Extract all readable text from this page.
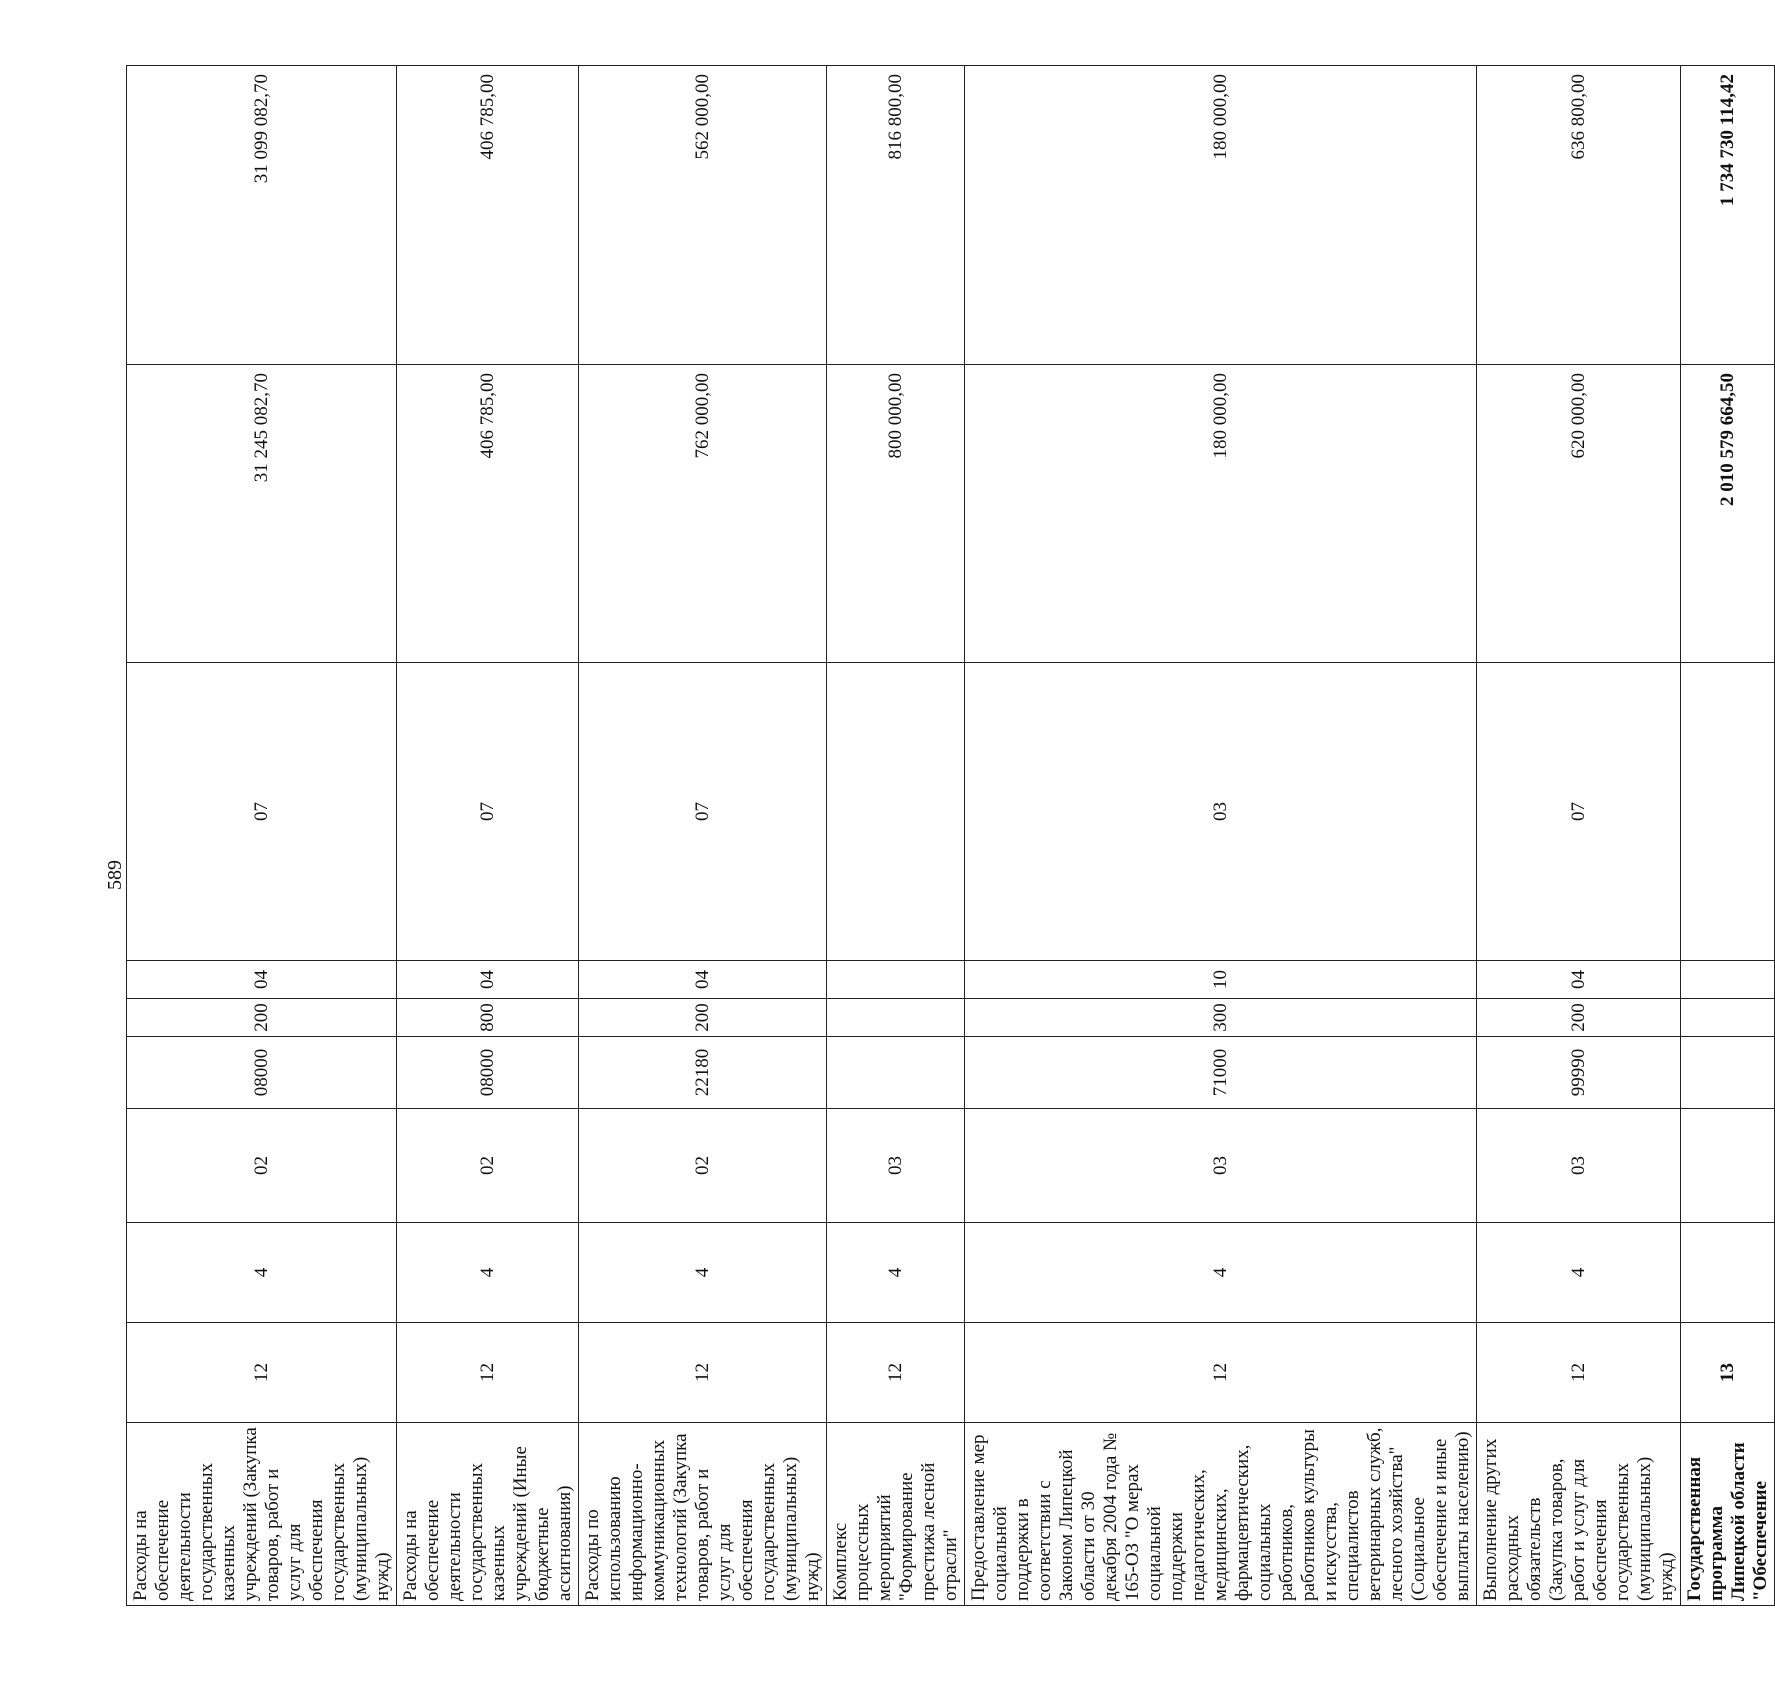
589
Расходы на обеспечение деятельности государственных казенных учреждений (Закупка товаров, работ и услуг для обеспечения государственных (муниципальных) нужд)	12	4	02	08000	200	04	07	31 245 082,70	31 099 082,70	
Расходы на обеспечение деятельности государственных казенных учреждений (Иные бюджетные ассигнования)	12	4	02	08000	800	04	07	406 785,00	406 785,00	
Расходы по использованию информационно-коммуникационных технологий (Закупка товаров, работ и услуг для обеспечения государственных (муниципальных) нужд)	12	4	02	22180	200	04	07	762 000,00	562 000,00	
Комплекс процессных мероприятий "Формирование престижа лесной отрасли"	12	4	03					800 000,00	816 800,00	
Предоставление мер социальной поддержки в соответствии с Законом Липецкой области от 30 декабря 2004 года № 165-ОЗ "О мерах социальной поддержки педагогических, медицинских, фармацевтических, социальных работников, работников культуры и искусства, специалистов ветеринарных служб, лесного хозяйства" (Социальное обеспечение и иные выплаты населению)	12	4	03	71000	300	10	03	180 000,00	180 000,00	
Выполнение других расходных обязательств (Закупка товаров, работ и услуг для обеспечения государственных (муниципальных) нужд)	12	4	03	99990	200	04	07	620 000,00	636 800,00	
Государственная программа Липецкой области "Обеспечение	13							2 010 579 664,50	1 734 730 114,42	
